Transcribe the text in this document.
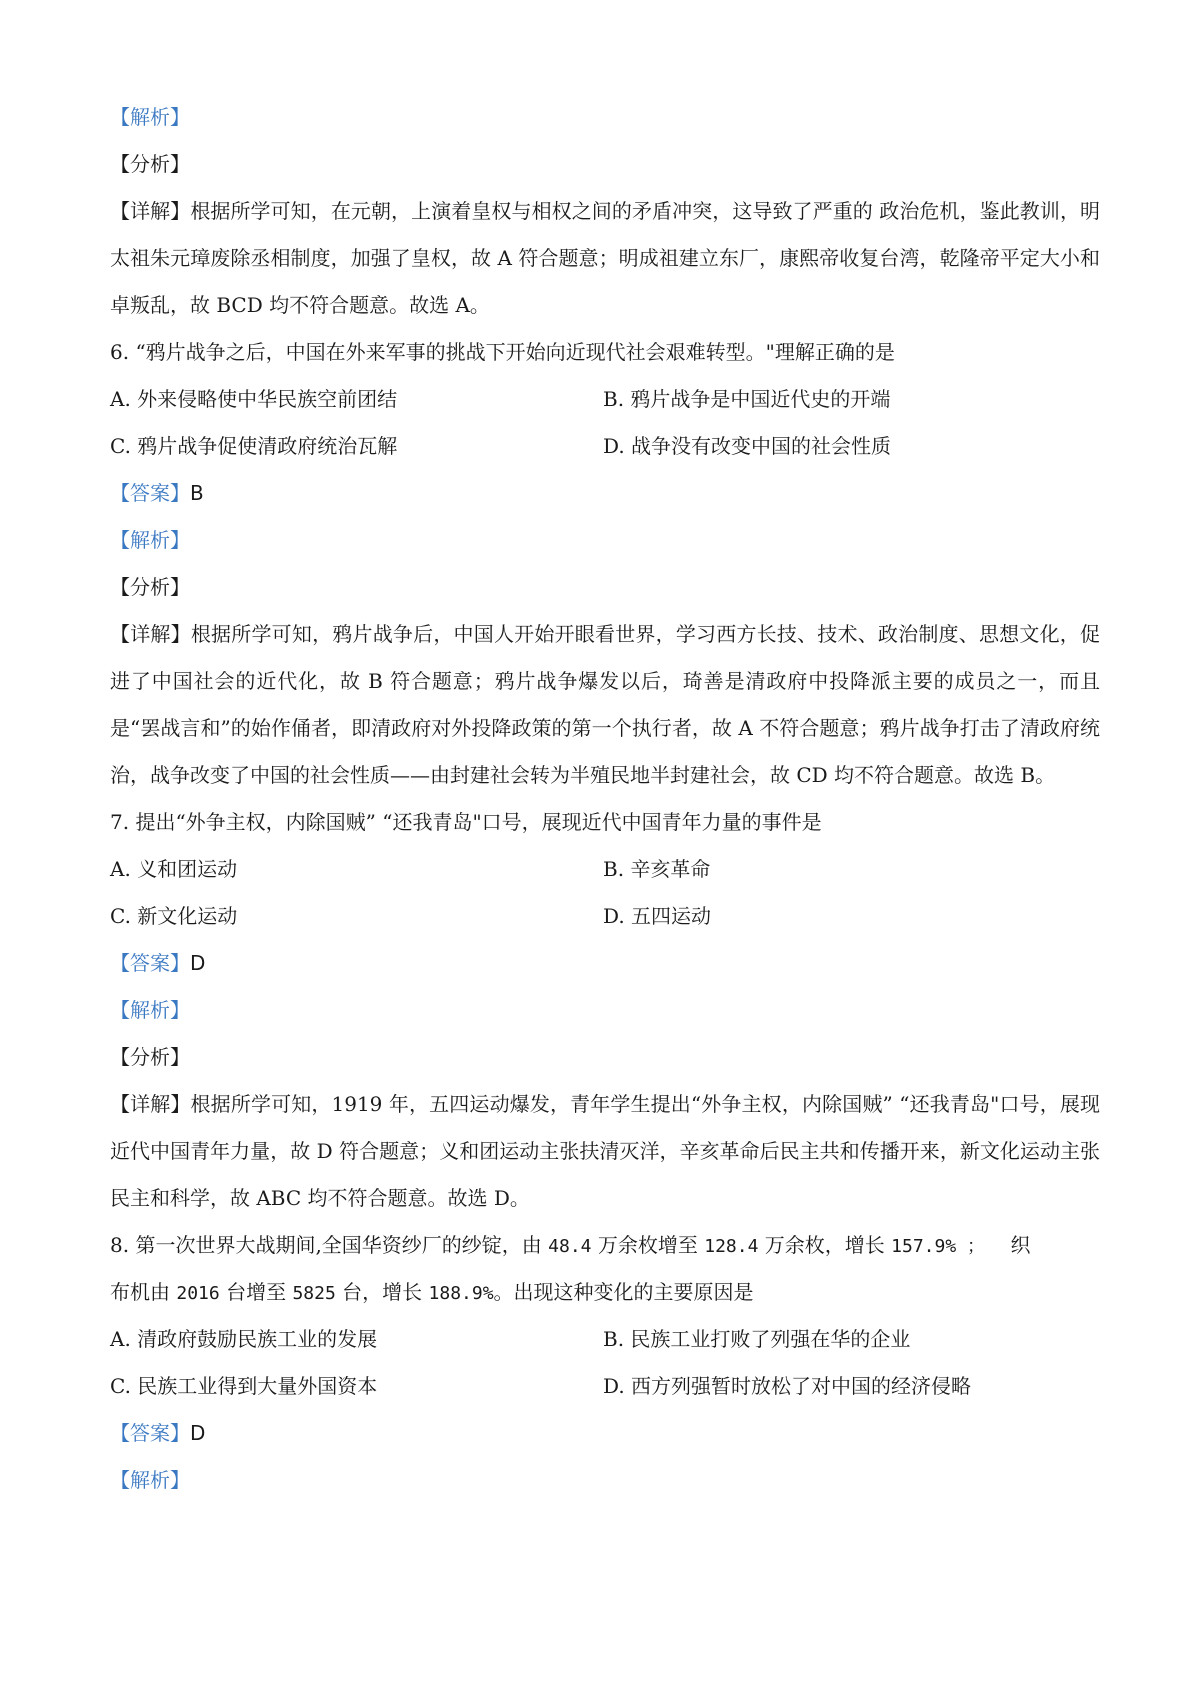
【解析】
【分析】
【详解】根据所学可知，在元朝，上演着皇权与相权之间的矛盾冲突，这导致了严重的 政治危机，鉴此教训，明太祖朱元璋废除丞相制度，加强了皇权，故 A 符合题意；明成祖建立东厂，康熙帝收复台湾，乾隆帝平定大小和卓叛乱，故 BCD 均不符合题意。故选 A。
6. “鸦片战争之后，中国在外来军事的挑战下开始向近现代社会艰难转型。"理解正确的是
A. 外来侵略使中华民族空前团结	B. 鸦片战争是中国近代史的开端
C. 鸦片战争促使清政府统治瓦解	D. 战争没有改变中国的社会性质
【答案】B
【解析】
【分析】
【详解】根据所学可知，鸦片战争后，中国人开始开眼看世界，学习西方长技、技术、政治制度、思想文化，促进了中国社会的近代化，故 B 符合题意；鸦片战争爆发以后，琦善是清政府中投降派主要的成员之一，而且是“罢战言和”的始作俑者，即清政府对外投降政策的第一个执行者，故 A 不符合题意；鸦片战争打击了清政府统治，战争改变了中国的社会性质——由封建社会转为半殖民地半封建社会，故 CD 均不符合题意。故选 B。
7. 提出“外争主权，内除国贼” “还我青岛"口号，展现近代中国青年力量的事件是
A. 义和团运动	B. 辛亥革命
C. 新文化运动	D. 五四运动
【答案】D
【解析】
【分析】
【详解】根据所学可知，1919 年，五四运动爆发，青年学生提出“外争主权，内除国贼” “还我青岛"口号，展现近代中国青年力量，故 D 符合题意；义和团运动主张扶清灭洋，辛亥革命后民主共和传播开来，新文化运动主张民主和科学，故 ABC 均不符合题意。故选 D。
8. 第一次世界大战期间,全国华资纱厂的纱锭，由 48.4 万余枚增至 128.4 万余枚，增长 157.9% ； 织
布机由 2016 台增至 5825 台，增长 188.9%。出现这种变化的主要原因是
A. 清政府鼓励民族工业的发展	B. 民族工业打败了列强在华的企业
C. 民族工业得到大量外国资本	D. 西方列强暂时放松了对中国的经济侵略
【答案】D
【解析】
